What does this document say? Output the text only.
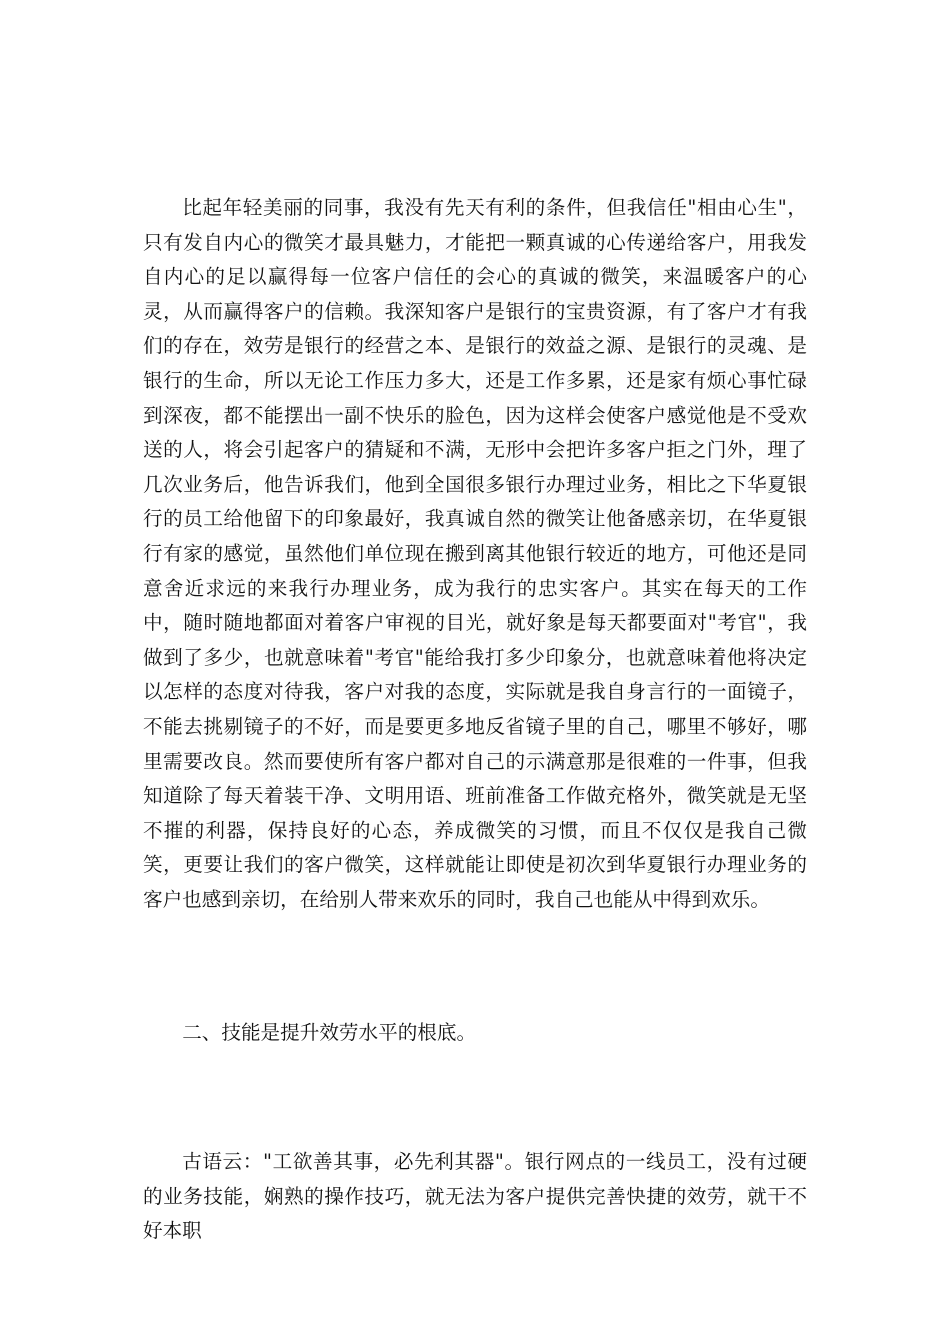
比起年轻美丽的同事，我没有先天有利的条件，但我信任"相由心生"，只有发自内心的微笑才最具魅力，才能把一颗真诚的心传递给客户，用我发自内心的足以赢得每一位客户信任的会心的真诚的微笑，来温暖客户的心灵，从而赢得客户的信赖。我深知客户是银行的宝贵资源，有了客户才有我们的存在，效劳是银行的经营之本、是银行的效益之源、是银行的灵魂、是银行的生命，所以无论工作压力多大，还是工作多累，还是家有烦心事忙碌到深夜，都不能摆出一副不快乐的脸色，因为这样会使客户感觉他是不受欢送的人，将会引起客户的猜疑和不满，无形中会把许多客户拒之门外，理了几次业务后，他告诉我们，他到全国很多银行办理过业务，相比之下华夏银行的员工给他留下的印象最好，我真诚自然的微笑让他备感亲切，在华夏银行有家的感觉，虽然他们单位现在搬到离其他银行较近的地方，可他还是同意舍近求远的来我行办理业务，成为我行的忠实客户。其实在每天的工作中，随时随地都面对着客户审视的目光，就好象是每天都要面对"考官"，我做到了多少，也就意味着"考官"能给我打多少印象分，也就意味着他将决定以怎样的态度对待我，客户对我的态度，实际就是我自身言行的一面镜子，不能去挑剔镜子的不好，而是要更多地反省镜子里的自己，哪里不够好，哪里需要改良。然而要使所有客户都对自己的示满意那是很难的一件事，但我知道除了每天着装干净、文明用语、班前准备工作做充格外，微笑就是无坚不摧的利器，保持良好的心态，养成微笑的习惯，而且不仅仅是我自己微笑，更要让我们的客户微笑，这样就能让即使是初次到华夏银行办理业务的客户也感到亲切，在给别人带来欢乐的同时，我自己也能从中得到欢乐。

二、技能是提升效劳水平的根底。

古语云："工欲善其事，必先利其器"。银行网点的一线员工，没有过硬的业务技能，娴熟的操作技巧，就无法为客户提供完善快捷的效劳，就干不好本职
